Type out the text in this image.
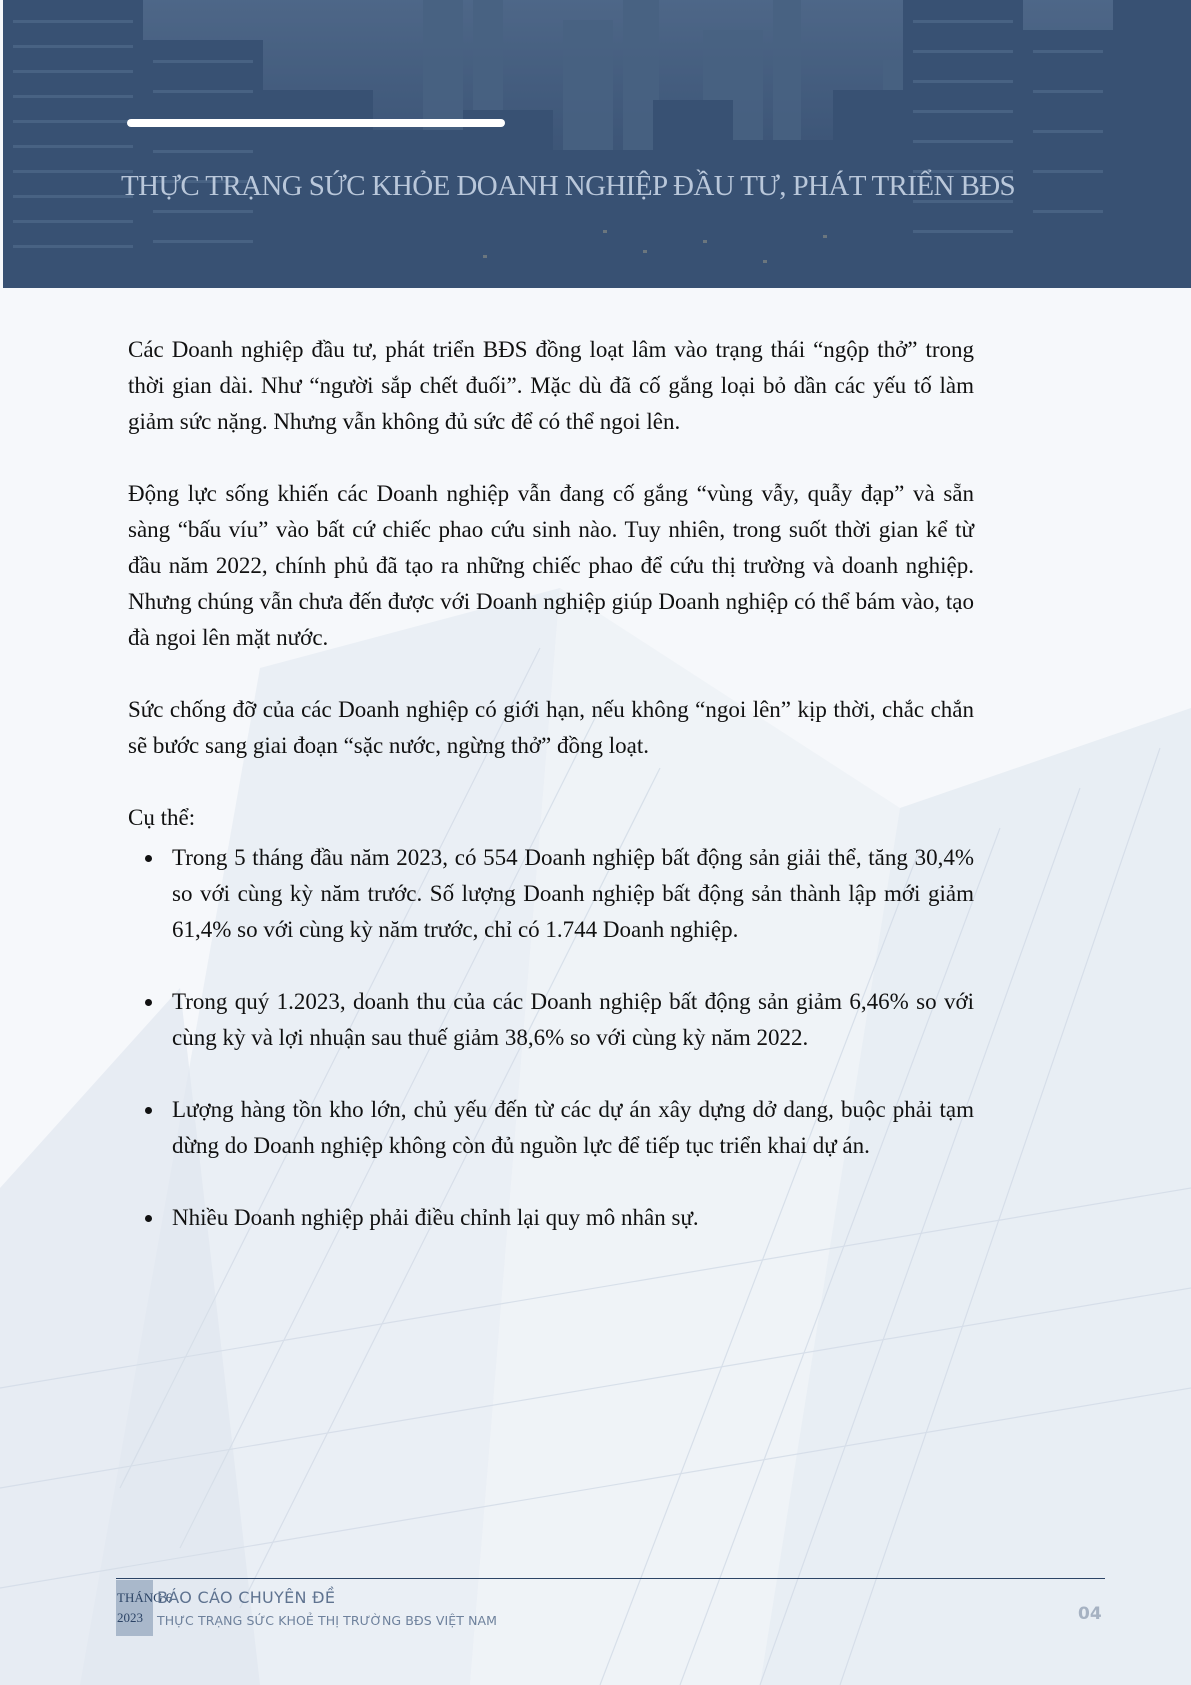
THỰC TRẠNG SỨC KHỎE DOANH NGHIỆP ĐẦU TƯ, PHÁT TRIỂN BĐS

Các Doanh nghiệp đầu tư, phát triển BĐS đồng loạt lâm vào trạng thái “ngộp thở” trong thời gian dài. Như “người sắp chết đuối”. Mặc dù đã cố gắng loại bỏ dần các yếu tố làm giảm sức nặng. Nhưng vẫn không đủ sức để có thể ngoi lên.

Động lực sống khiến các Doanh nghiệp vẫn đang cố gắng “vùng vẫy, quẫy đạp” và sẵn sàng “bấu víu” vào bất cứ chiếc phao cứu sinh nào. Tuy nhiên, trong suốt thời gian kể từ đầu năm 2022, chính phủ đã tạo ra những chiếc phao để cứu thị trường và doanh nghiệp. Nhưng chúng vẫn chưa đến được với Doanh nghiệp giúp Doanh nghiệp có thể bám vào, tạo đà ngoi lên mặt nước.

Sức chống đỡ của các Doanh nghiệp có giới hạn, nếu không “ngoi lên” kịp thời, chắc chắn sẽ bước sang giai đoạn “sặc nước, ngừng thở” đồng loạt.

Cụ thể:

Trong 5 tháng đầu năm 2023, có 554 Doanh nghiệp bất động sản giải thể, tăng 30,4% so với cùng kỳ năm trước. Số lượng Doanh nghiệp bất động sản thành lập mới giảm 61,4% so với cùng kỳ năm trước, chỉ có 1.744 Doanh nghiệp.
Trong quý 1.2023, doanh thu của các Doanh nghiệp bất động sản giảm 6,46% so với cùng kỳ và lợi nhuận sau thuế giảm 38,6% so với cùng kỳ năm 2022.
Lượng hàng tồn kho lớn, chủ yếu đến từ các dự án xây dựng dở dang, buộc phải tạm dừng do Doanh nghiệp không còn đủ nguồn lực để tiếp tục triển khai dự án.
Nhiều Doanh nghiệp phải điều chỉnh lại quy mô nhân sự.
THÁNG 6
2023
BÁO CÁO CHUYÊN ĐỀ
THỰC TRẠNG SỨC KHOẺ THỊ TRƯỜNG BĐS VIỆT NAM	04
